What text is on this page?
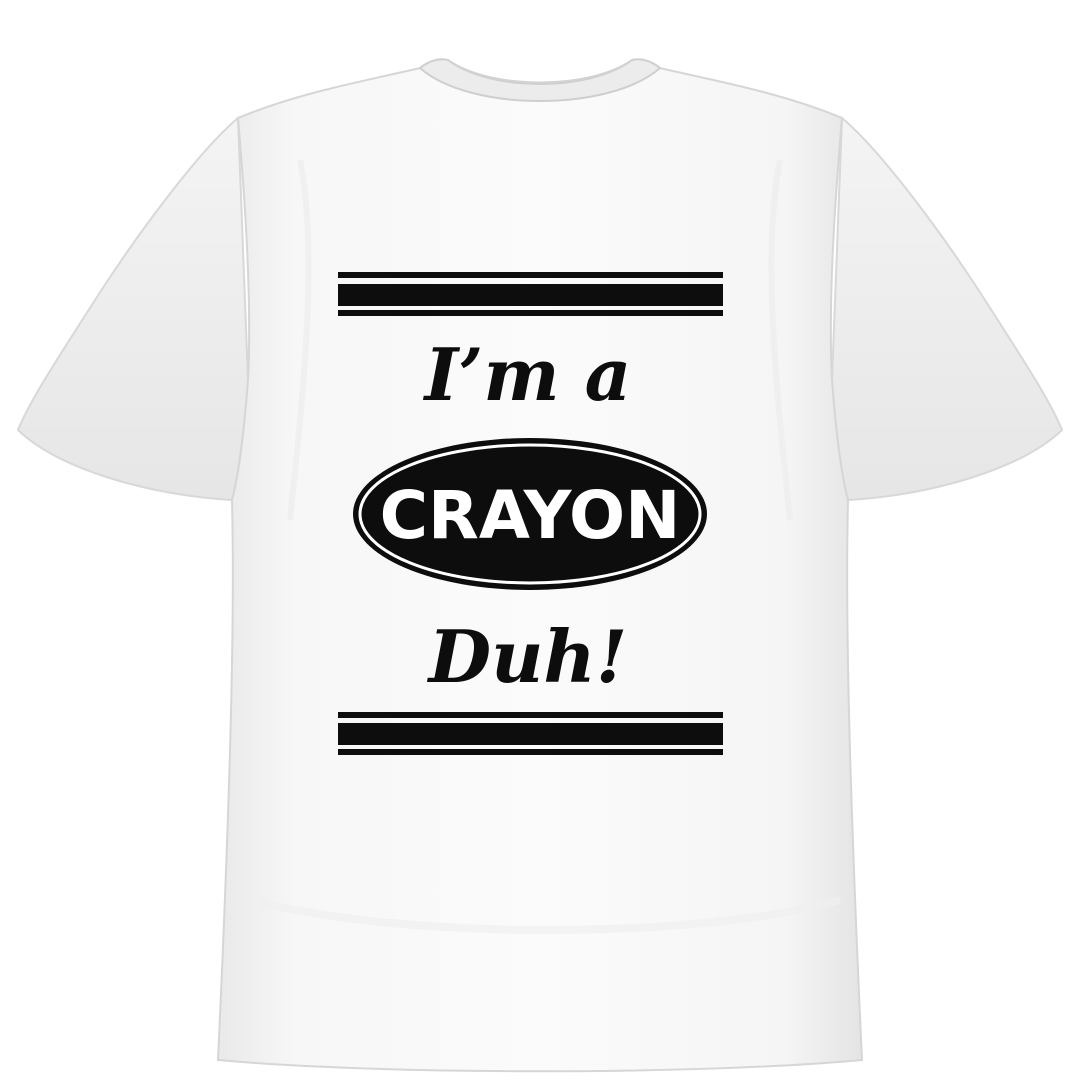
I’m a
CRAYON
Duh!
